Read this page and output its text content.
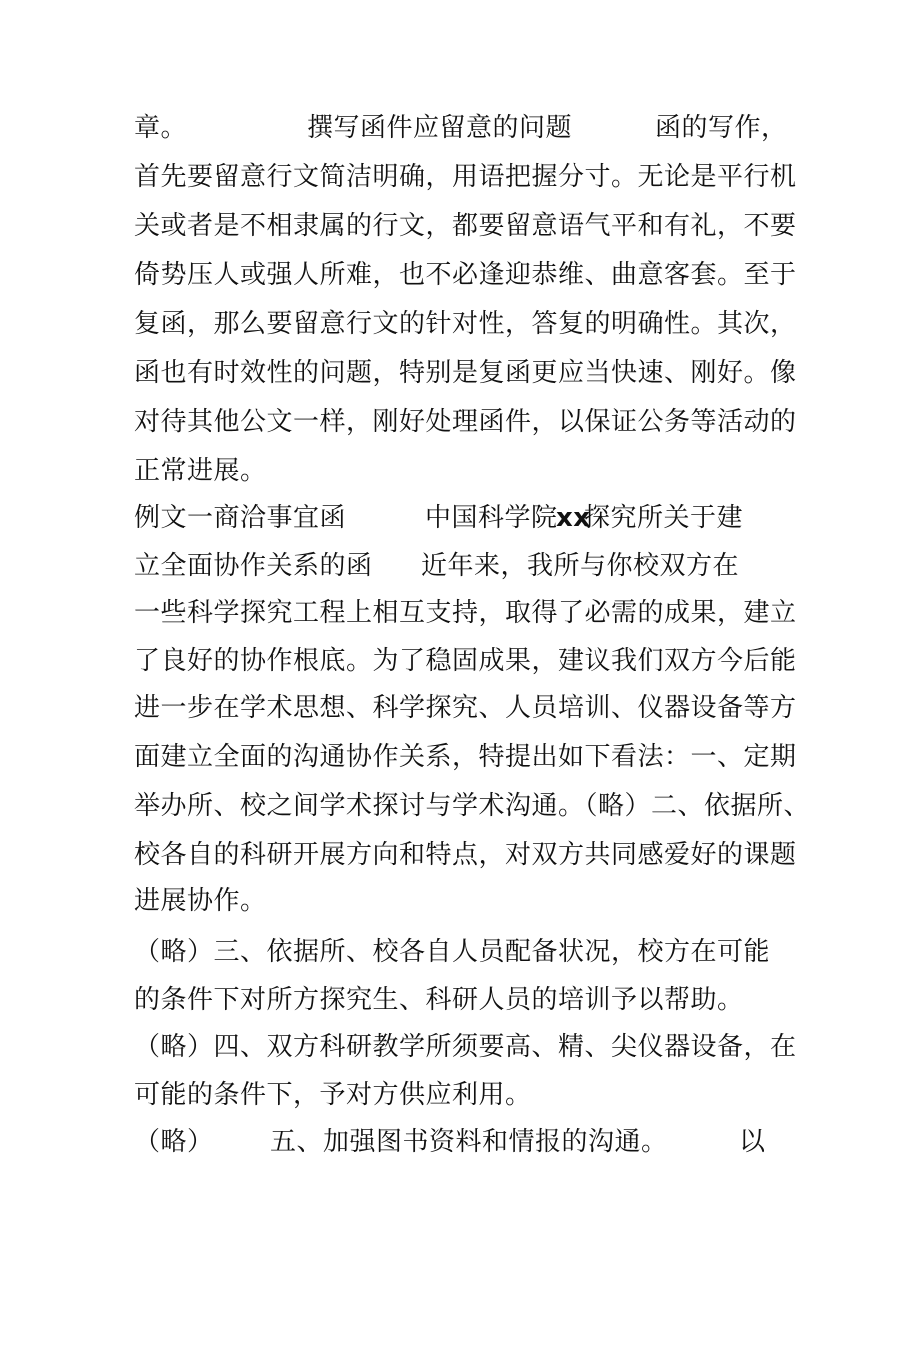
章。

	撰写函件应留意的问题

	函的写作，

首先要留意行文简洁明确，用语把握分寸。无论是平行机

关或者是不相隶属的行文，都要留意语气平和有礼，不要

倚势压人或强人所难，也不必逢迎恭维、曲意客套。至于

复函，那么要留意行文的针对性，答复的明确性。其次，

函也有时效性的问题，特别是复函更应当快速、刚好。像

对待其他公文一样，刚好处理函件，以保证公务等活动的

正常进展。

例文一商洽事宜函

	中国科学院

xx

探究所关于建

立全面协作关系的函

近年来，我所与你校双方在

一些科学探究工程上相互支持，取得了必需的成果，建立

了良好的协作根底。为了稳固成果，建议我们双方今后能

进一步在学术思想、科学探究、人员培训、仪器设备等方

面建立全面的沟通协作关系，特提出如下看法：一、定期

举办所、校之间学术探讨与学术沟通。（略）二、依据所、

校各自的科研开展方向和特点，对双方共同感爱好的课题

进展协作。

（略）三、依据所、校各自人员配备状况，校方在可能

的条件下对所方探究生、科研人员的培训予以帮助。

（略）四、双方科研教学所须要高、精、尖仪器设备，在

可能的条件下，予对方供应利用。

（略）

五、加强图书资料和情报的沟通。

	以
